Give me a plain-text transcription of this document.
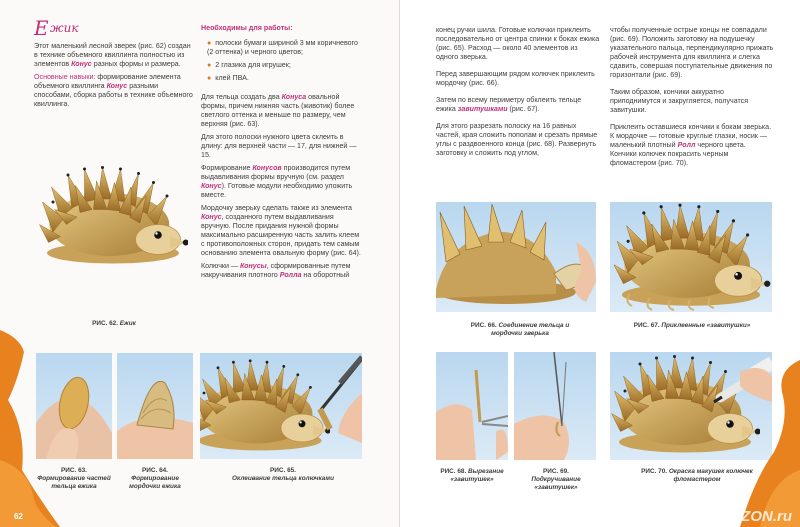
Е жик

Этот маленький лесной зверек (рис. 62) создан в технике объемного квиллинга полностью из элементов Конус разных формы и размера.

Основные навыки: формирование элемента объемного квиллинга Конус разными способами, сборка работы в технике объемного квиллинга.

Необходимы для работы:

● полоски бумаги шириной 3 мм коричневого (2 оттенка) и черного цветов;

● 2 глазика для игрушек;

● клей ПВА.

Для тельца создать два Конуса овальной формы, причем нижняя часть (животик) более светлого оттенка и меньше по размеру, чем верхняя (рис. 63).

Для этого полоски нужного цвета склеить в длину: для верхней части — 17, для нижней — 15.

Формирование Конусов производится путем выдавливания формы вручную (см. раздел Конус). Готовые модули необходимо уложить вместе.

Мордочку зверьку сделать также из элемента Конус, созданного путем выдавливания вручную. После придания нужной формы максимально расширенную часть залить клеем с противоположных сторон, придать тем самым основанию элемента овальную форму (рис. 64).

Колючки — Конусы, сформированные путем накручивания плотного Ролла на оборотный

РИС. 62. Ежик
РИС. 63.
Формирование частей тельца ежика
РИС. 64.
Формирование мордочки ежика
РИС. 65.
Оклеивание тельца колючками
62

конец ручки шила. Готовые колючки приклеить последовательно от центра спинки к боках ежика (рис. 65). Расход — около 40 элементов из одного зверька.

Перед завершающим рядом колючек приклеить мордочку (рис. 66).

Затем по всему периметру обклеить тельце ежика завитушками (рис. 67).

Для этого разрезать полоску на 16 равных частей, края сложить пополам и срезать прямые углы с раздвоенного конца (рис. 68). Развернуть заготовку и сложить под углом,

чтобы полученные острые концы не совпадали (рис. 69). Положить заготовку на подушечку указательного пальца, перпендикулярно прижать рабочей инструмента для квиллинга и слегка сдавить, совершая поступательные движения по горизонтали (рис. 69).

Таким образом, кончики аккуратно приподнимутся и закругляется, получатся завитушки.

Приклеить оставшиеся кончики к бокам зверька. К мордочке — готовые круглые глазки, носик — маленький плотный Ролл черного цвета. Кончики колючек покрасить черным фломастером (рис. 70).

РИС. 66. Соединение тельца и мордочки зверька
РИС. 67. Приклеенные «завитушки»
РИС. 68. Вырезание «завитушек»
РИС. 69.
Подкручивание «завитушек»
РИС. 70. Окраска макушек колючек фломастером
OZON.ru
